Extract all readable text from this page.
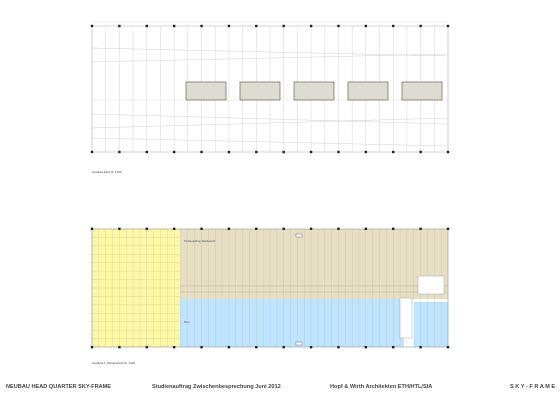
Grundriss Dach Nr. 1:200
Studienauftrag Wettbewerb
Büro
Grundriss 1. Obergeschoss Nr. 1:200
NEUBAU HEAD QUARTER SKY-FRAME	Studienauftrag Zwischenbesprechung Juni 2012	Hopf & Wirth Architekten ETH/HTL/SIA	S K Y - F R A M E
